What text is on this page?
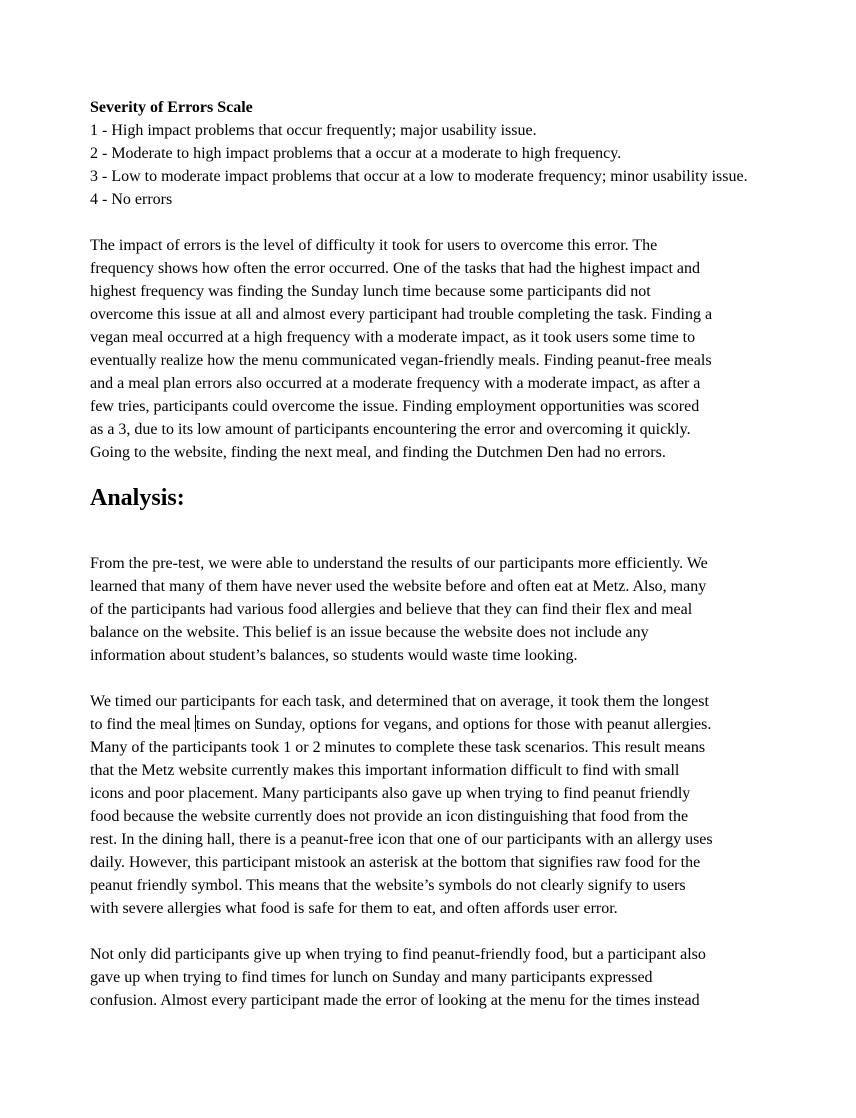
Severity of Errors Scale

1 - High impact problems that occur frequently; major usability issue.

2 - Moderate to high impact problems that a occur at a moderate to high frequency.

3 - Low to moderate impact problems that occur at a low to moderate frequency; minor usability issue.

4 - No errors

The impact of errors is the level of difficulty it took for users to overcome this error. The
frequency shows how often the error occurred. One of the tasks that had the highest impact and
highest frequency was finding the Sunday lunch time because some participants did not
overcome this issue at all and almost every participant had trouble completing the task. Finding a
vegan meal occurred at a high frequency with a moderate impact, as it took users some time to
eventually realize how the menu communicated vegan-friendly meals. Finding peanut-free meals
and a meal plan errors also occurred at a moderate frequency with a moderate impact, as after a
few tries, participants could overcome the issue. Finding employment opportunities was scored
as a 3, due to its low amount of participants encountering the error and overcoming it quickly.
Going to the website, finding the next meal, and finding the Dutchmen Den had no errors.
Analysis:
From the pre-test, we were able to understand the results of our participants more efficiently. We
learned that many of them have never used the website before and often eat at Metz. Also, many
of the participants had various food allergies and believe that they can find their flex and meal
balance on the website. This belief is an issue because the website does not include any
information about student’s balances, so students would waste time looking.
We timed our participants for each task, and determined that on average, it took them the longest
to find the meal times on Sunday, options for vegans, and options for those with peanut allergies.
Many of the participants took 1 or 2 minutes to complete these task scenarios. This result means
that the Metz website currently makes this important information difficult to find with small
icons and poor placement. Many participants also gave up when trying to find peanut friendly
food because the website currently does not provide an icon distinguishing that food from the
rest. In the dining hall, there is a peanut-free icon that one of our participants with an allergy uses
daily. However, this participant mistook an asterisk at the bottom that signifies raw food for the
peanut friendly symbol. This means that the website’s symbols do not clearly signify to users
with severe allergies what food is safe for them to eat, and often affords user error.
Not only did participants give up when trying to find peanut-friendly food, but a participant also
gave up when trying to find times for lunch on Sunday and many participants expressed
confusion. Almost every participant made the error of looking at the menu for the times instead
